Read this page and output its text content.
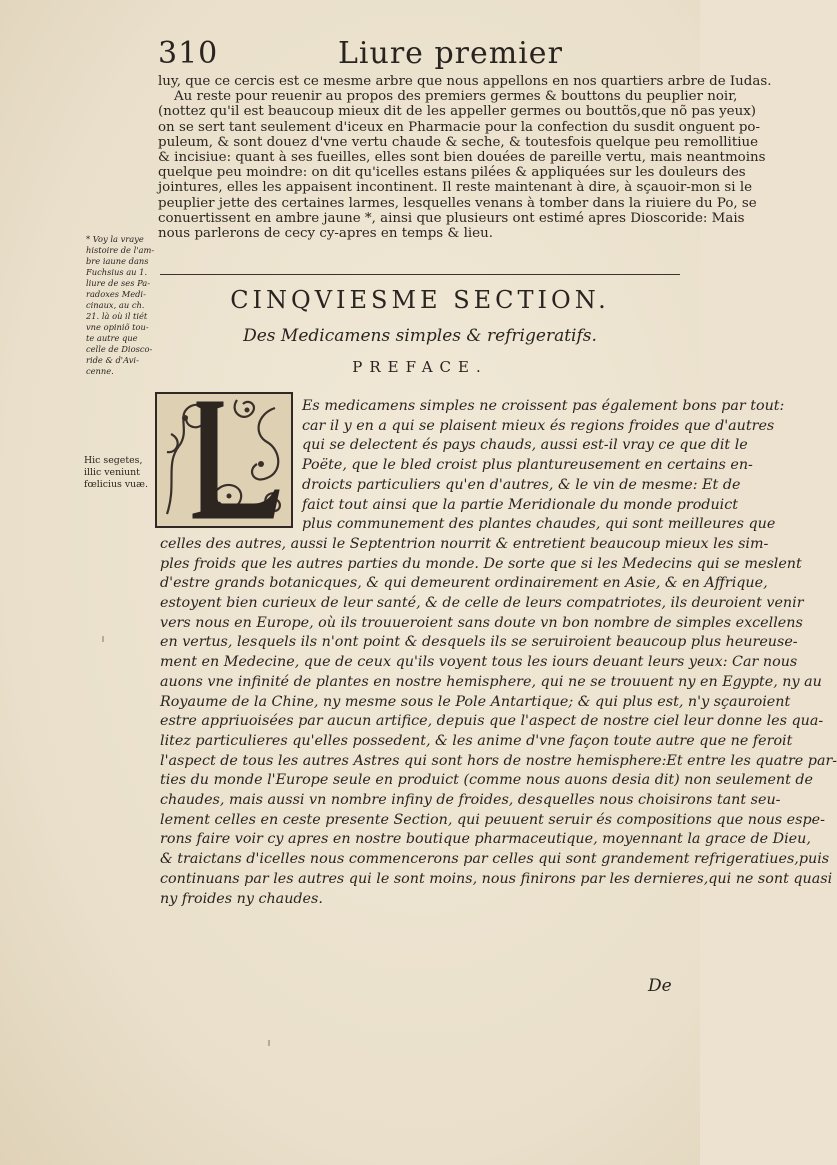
310	Liure premier
luy, que ce cercis est ce mesme arbre que nous appellons en nos quartiers arbre de Iudas.
Au reste pour reuenir au propos des premiers germes & bouttons du peuplier noir,
(nottez qu'il est beaucoup mieux dit de les appeller germes ou bouttõs,que nõ pas yeux)
on se sert tant seulement d'iceux en Pharmacie pour la confection du susdit onguent po-
puleum, & sont douez d'vne vertu chaude & seche, & toutesfois quelque peu remollitiue
& incisiue: quant à ses fueilles, elles sont bien douées de pareille vertu, mais neantmoins
quelque peu moindre: on dit qu'icelles estans pilées & appliquées sur les douleurs des
jointures, elles les appaisent incontinent. Il reste maintenant à dire, à sçauoir-mon si le
peuplier jette des certaines larmes, lesquelles venans à tomber dans la riuiere du Po, se
conuertissent en ambre jaune *, ainsi que plusieurs ont estimé apres Dioscoride: Mais
nous parlerons de cecy cy-apres en temps & lieu.
* Voy la vraye
histoire de l'am-
bre iaune dans
Fuchsius au 1.
liure de ses Pa-
radoxes Medi-
cinaux, au ch.
21. là où il tiét
vne opiniõ tou-
te autre que
celle de Diosco-
ride & d'Avi-
cenne.
CINQVIESME SECTION.
Des Medicamens simples & refrigeratifs.
PREFACE.
Es medicamens simples ne croissent pas également bons par tout:
car il y en a qui se plaisent mieux és regions froides que d'autres
qui se delectent és pays chauds, aussi est-il vray ce que dit le
Poëte, que le bled croist plus plantureusement en certains en-
droicts particuliers qu'en d'autres, & le vin de mesme: Et de
faict tout ainsi que la partie Meridionale du monde produict
plus communement des plantes chaudes, qui sont meilleures que
celles des autres, aussi le Septentrion nourrit & entretient beaucoup mieux les sim-
ples froids que les autres parties du monde. De sorte que si les Medecins qui se meslent
d'estre grands botanicques, & qui demeurent ordinairement en Asie, & en Affrique,
estoyent bien curieux de leur santé, & de celle de leurs compatriotes, ils deuroient venir
vers nous en Europe, où ils trouueroient sans doute vn bon nombre de simples excellens
en vertus, lesquels ils n'ont point & desquels ils se seruiroient beaucoup plus heureuse-
ment en Medecine, que de ceux qu'ils voyent tous les iours deuant leurs yeux: Car nous
auons vne infinité de plantes en nostre hemisphere, qui ne se trouuent ny en Egypte, ny au
Royaume de la Chine, ny mesme sous le Pole Antartique; & qui plus est, n'y sçauroient
estre appriuoisées par aucun artifice, depuis que l'aspect de nostre ciel leur donne les qua-
litez particulieres qu'elles possedent, & les anime d'vne façon toute autre que ne feroit
l'aspect de tous les autres Astres qui sont hors de nostre hemisphere:Et entre les quatre par-
ties du monde l'Europe seule en produict (comme nous auons desia dit) non seulement de
chaudes, mais aussi vn nombre infiny de froides, desquelles nous choisirons tant seu-
lement celles en ceste presente Section, qui peuuent seruir és compositions que nous espe-
rons faire voir cy apres en nostre boutique pharmaceutique, moyennant la grace de Dieu,
& traictans d'icelles nous commencerons par celles qui sont grandement refrigeratiues,puis
continuans par les autres qui le sont moins, nous finirons par les dernieres,qui ne sont quasi
ny froides ny chaudes.
Hic segetes,
illic veniunt
fœlicius vuæ.
De
